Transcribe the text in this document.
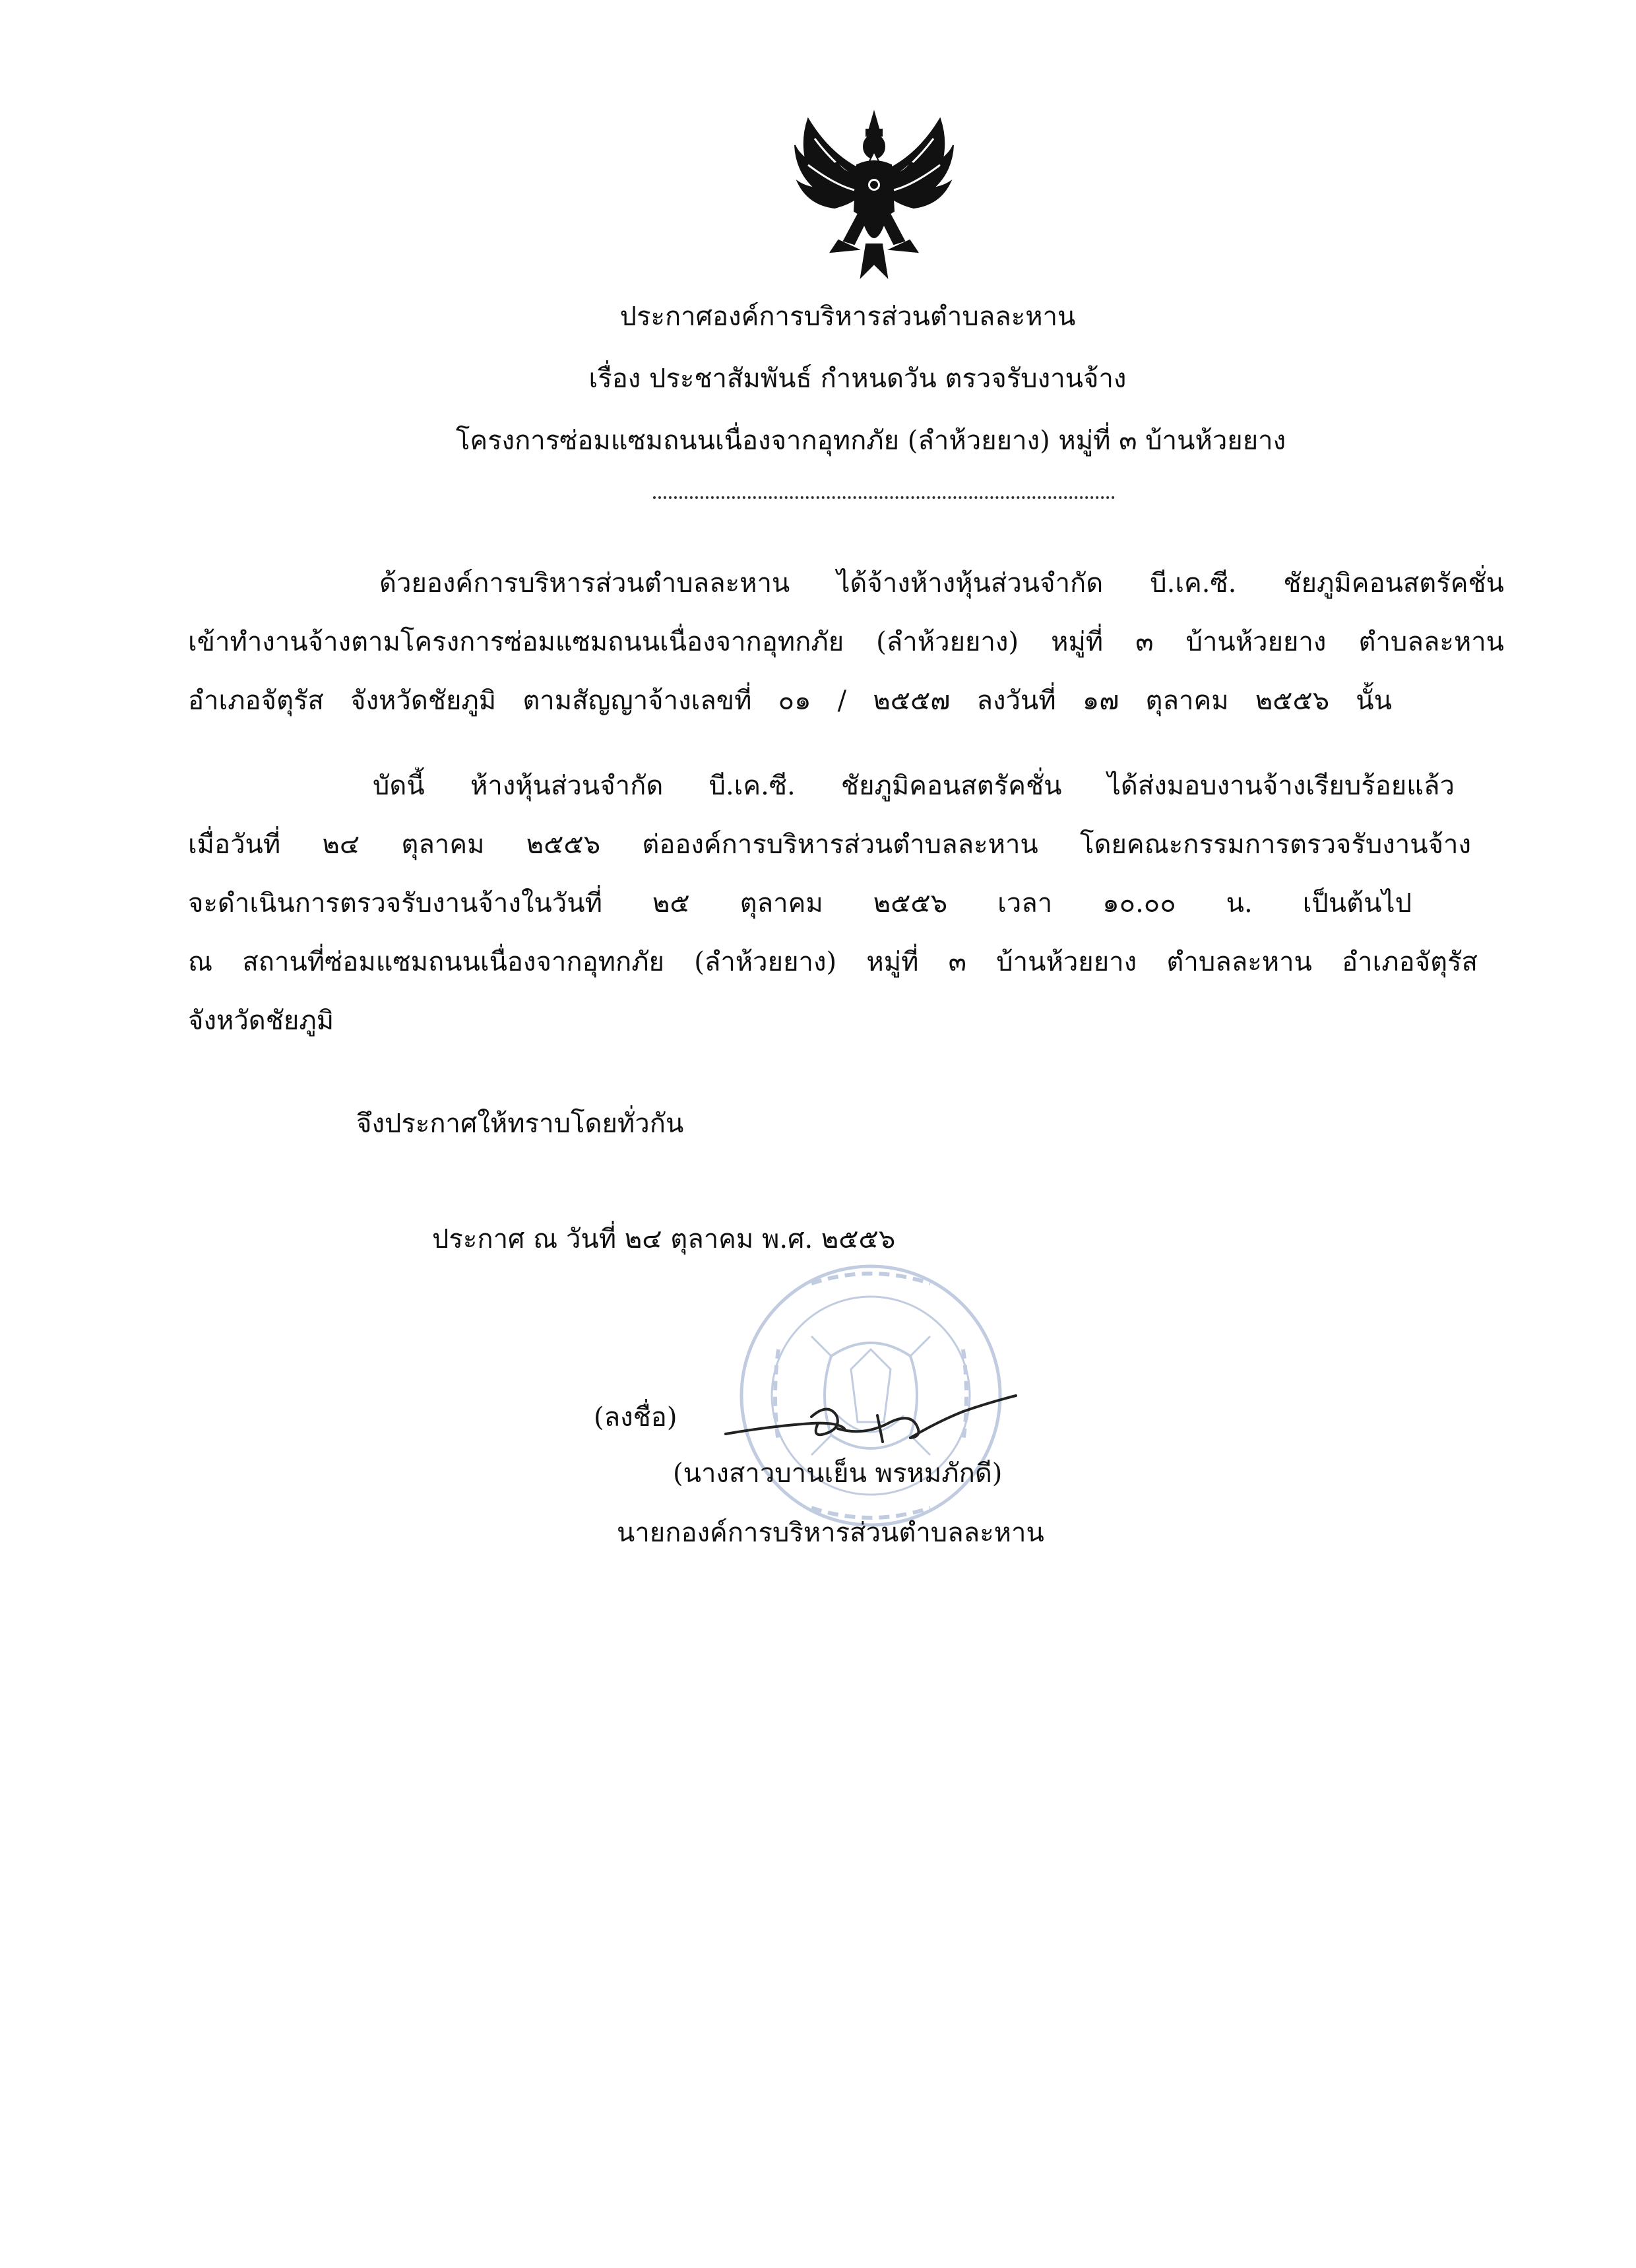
ประกาศองค์การบริหารส่วนตำบลละหาน
เรื่อง ประชาสัมพันธ์ กำหนดวัน ตรวจรับงานจ้าง
โครงการซ่อมแซมถนนเนื่องจากอุทกภัย (ลำห้วยยาง) หมู่ที่ ๓ บ้านห้วยยาง
ด้วยองค์การบริหารส่วนตำบลละหาน ได้จ้างห้างหุ้นส่วนจำกัด บี.เค.ซี. ชัยภูมิคอนสตรัคชั่น
เข้าทำงานจ้างตามโครงการซ่อมแซมถนนเนื่องจากอุทกภัย (ลำห้วยยาง) หมู่ที่ ๓ บ้านห้วยยาง ตำบลละหาน
อำเภอจัตุรัส จังหวัดชัยภูมิ ตามสัญญาจ้างเลขที่ ๐๑ / ๒๕๕๗ ลงวันที่ ๑๗ ตุลาคม ๒๕๕๖ นั้น
บัดนี้ ห้างหุ้นส่วนจำกัด บี.เค.ซี. ชัยภูมิคอนสตรัคชั่น ได้ส่งมอบงานจ้างเรียบร้อยแล้ว
เมื่อวันที่ ๒๔ ตุลาคม ๒๕๕๖ ต่อองค์การบริหารส่วนตำบลละหาน โดยคณะกรรมการตรวจรับงานจ้าง
จะดำเนินการตรวจรับงานจ้างในวันที่ ๒๕ ตุลาคม ๒๕๕๖ เวลา ๑๐.๐๐ น. เป็นต้นไป
ณ สถานที่ซ่อมแซมถนนเนื่องจากอุทกภัย (ลำห้วยยาง) หมู่ที่ ๓ บ้านห้วยยาง ตำบลละหาน อำเภอจัตุรัส
จังหวัดชัยภูมิ
จึงประกาศให้ทราบโดยทั่วกัน
ประกาศ ณ วันที่ ๒๔ ตุลาคม พ.ศ. ๒๕๕๖
(ลงชื่อ)
(นางสาวบานเย็น พรหมภักดี)
นายกองค์การบริหารส่วนตำบลละหาน
